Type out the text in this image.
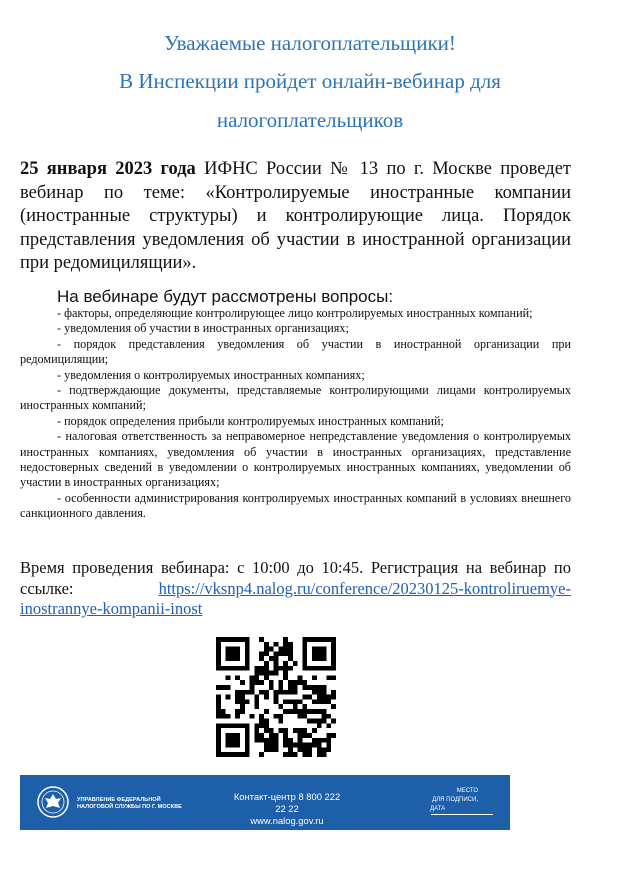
Уважаемые налогоплательщики!
В Инспекции пройдет онлайн-вебинар для
налогоплательщиков
25 января 2023 года ИФНС России № 13 по г. Москве проведет вебинар по теме: «Контролируемые иностранные компании (иностранные структуры) и контролирующие лица. Порядок представления уведомления об участии в иностранной организации при редомицилящии».
На вебинаре будут рассмотрены вопросы:
- факторы, определяющие контролирующее лицо контролируемых иностранных компаний;
- уведомления об участии в иностранных организациях;
- порядок представления уведомления об участии в иностранной организации при редомицилящии;
- уведомления о контролируемых иностранных компаниях;
- подтверждающие документы, представляемые контролирующими лицами контролируемых иностранных компаний;
- порядок определения прибыли контролируемых иностранных компаний;
- налоговая ответственность за неправомерное непредставление уведомления о контролируемых иностранных компаниях, уведомления об участии в иностранных организациях, представление недостоверных сведений в уведомлении о контролируемых иностранных компаниях, уведомлении об участии в иностранных организациях;
- особенности администрирования контролируемых иностранных компаний в условиях внешнего санкционного давления.
Время проведения вебинара: с 10:00 до 10:45. Регистрация на вебинар по ссылке: https://vksnp4.nalog.ru/conference/20230125-kontroliruemye-inostrannye-kompanii-inost
УПРАВЛЕНИЕ ФЕДЕРАЛЬНОЙ
НАЛОГОВОЙ СЛУЖБЫ ПО Г. МОСКВЕ
Контакт-центр 8 800 222 22 22
www.nalog.gov.ru
МЕСТО
ДЛЯ ПОДПИСИ,
ДАТА
